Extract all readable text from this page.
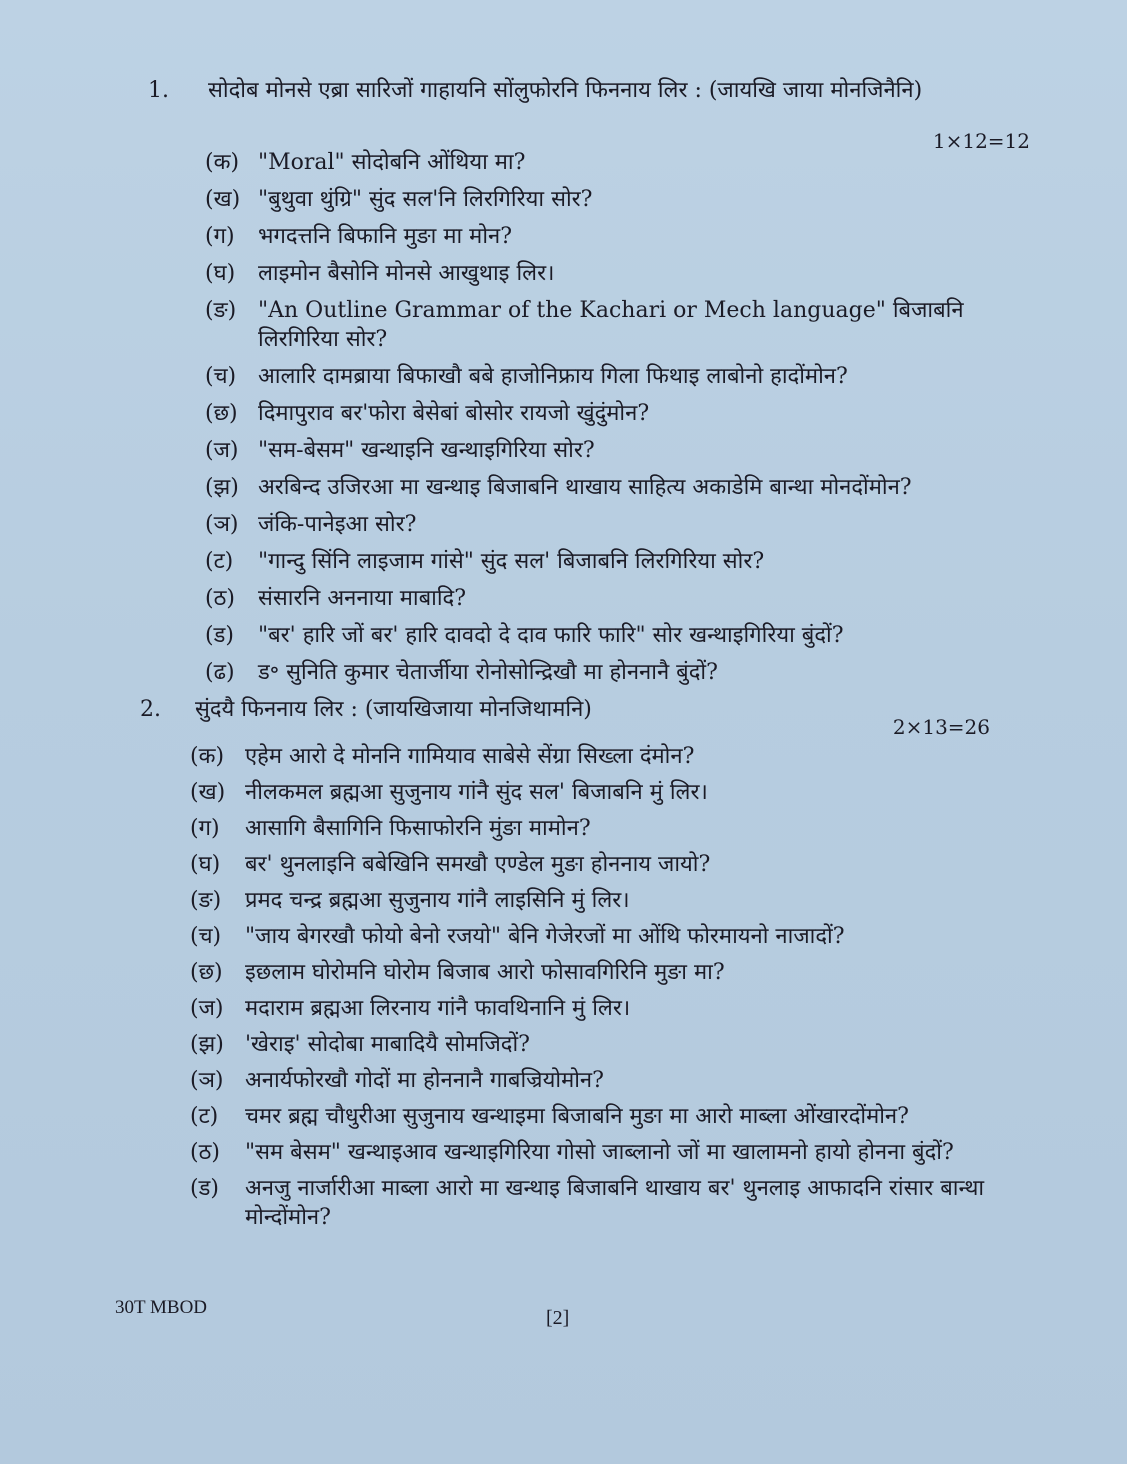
1.	सोदोब मोनसे एब्रा सारिजों गाहायनि सोंलुफोरनि फिननाय लिर : (जायखि जाया मोनजिनैनि)
1×12=12
(क) "Moral" सोदोबनि ओंथिया मा?
(ख) "बुथुवा थुंग्रि" सुंद सल'नि लिरगिरिया सोर?
(ग)	भगदत्तनि बिफानि मुङा मा मोन?
(घ)	लाइमोन बैसोनि मोनसे आखुथाइ लिर।
(ङ) "An Outline Grammar of the Kachari or Mech language" बिजाबनि लिरगिरिया सोर?
(च) आलारि दामब्राया बिफाखौ बबे हाजोनिफ्राय गिला फिथाइ लाबोनो हादोंमोन?
(छ) दिमापुराव बर'फोरा बेसेबां बोसोर रायजो खुंदुंमोन?
(ज) "सम-बेसम" खन्थाइनि खन्थाइगिरिया सोर?
(झ) अरबिन्द उजिरआ मा खन्थाइ बिजाबनि थाखाय साहित्य अकाडेमि बान्था मोनदोंमोन?
(ञ) जंकि-पानेइआ सोर?
(ट)	"गान्दु सिंनि लाइजाम गांसे" सुंद सल' बिजाबनि लिरगिरिया सोर?
(ठ)	संसारनि अननाया माबादि?
(ड)	"बर' हारि जों बर' हारि दावदो दे दाव फारि फारि" सोर खन्थाइगिरिया बुंदों?
(ढ)	ड॰ सुनिति कुमार चेतार्जीया रोनोसोन्द्रिखौ मा होननानै बुंदों?
2.	सुंदयै फिननाय लिर : (जायखिजाया मोनजिथामनि)
2×13=26
(क) एहेम आरो दे मोननि गामियाव साबेसे सेंग्रा सिख्ला दंमोन?
(ख) नीलकमल ब्रह्मआ सुजुनाय गांनै सुंद सल' बिजाबनि मुं लिर।
(ग)	आसागि बैसागिनि फिसाफोरनि मुंङा मामोन?
(घ)	बर' थुनलाइनि बबेखिनि समखौ एण्डेल मुङा होननाय जायो?
(ङ)	प्रमद चन्द्र ब्रह्मआ सुजुनाय गांनै लाइसिनि मुं लिर।
(च)	"जाय बेगरखौ फोयो बेनो रजयो" बेनि गेजेरजों मा ओंथि फोरमायनो नाजादों?
(छ)	इछलाम घोरोमनि घोरोम बिजाब आरो फोसावगिरिनि मुङा मा?
(ज) मदाराम ब्रह्मआ लिरनाय गांनै फावथिनानि मुं लिर।
(झ) 'खेराइ' सोदोबा माबादियै सोमजिदों?
(ञ) अनार्यफोरखौ गोदों मा होननानै गाबज्रियोमोन?
(ट)	चमर ब्रह्म चौधुरीआ सुजुनाय खन्थाइमा बिजाबनि मुङा मा आरो माब्ला ओंखारदोंमोन?
(ठ)	"सम बेसम" खन्थाइआव खन्थाइगिरिया गोसो जाब्लानो जों मा खालामनो हायो होनना बुंदों?
(ड)	अनजु नार्जारीआ माब्ला आरो मा खन्थाइ बिजाबनि थाखाय बर' थुनलाइ आफादनि रांसार बान्था मोन्दोंमोन?
30T MBOD	[2]
